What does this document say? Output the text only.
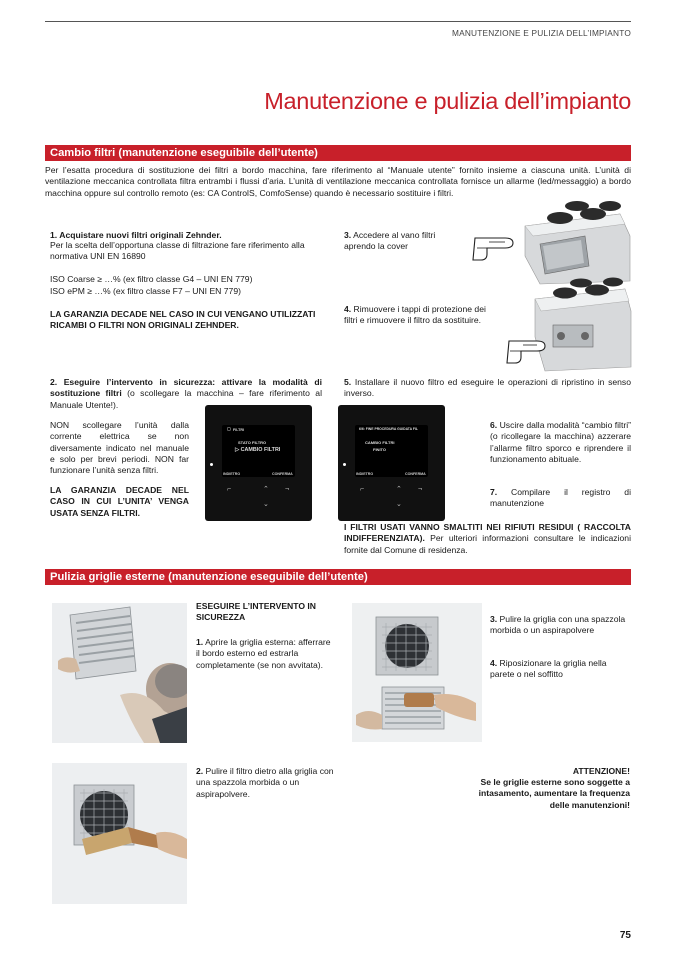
MANUTENZIONE E PULIZIA DELL’IMPIANTO
Manutenzione e pulizia dell’impianto
Cambio filtri (manutenzione eseguibile dell’utente)

Per l’esatta procedura di sostituzione dei filtri a bordo macchina, fare riferimento al “Manuale utente” fornito insieme a ciascuna unità. L’unità di ventilazione meccanica controllata filtra entrambi i flussi d’aria. L’unità di ventilazione meccanica controllata fornisce un allarme (led/messaggio) a bordo macchina oppure sul controllo remoto (es: CA ControlS, ComfoSense) quando è necessario sostituire i filtri.

1. Acquistare nuovi filtri originali Zehnder.

Per la scelta dell’opportuna classe di filtrazione fare riferimento alla normativa UNI EN 16890

ISO Coarse ≥ …% (ex filtro classe G4 – UNI EN 779)

ISO ePM ≥ …% (ex filtro classe F7 – UNI EN 779)

LA GARANZIA DECADE NEL CASO IN CUI VENGANO UTILIZZATI RICAMBI O FILTRI NON ORIGINALI ZEHNDER.

3. Accedere al vano filtri aprendo la cover

4. Rimuovere i tappi di protezione dei filtri e rimuovere il filtro da sostituire.

2. Eseguire l’intervento in sicurezza: attivare la modalità di sostituzione filtri (o scollegare la macchina – fare riferimento al Manuale Utente!).

NON scollegare l’unità dalla corrente elettrica se non diversamente indicato nel manuale e solo per brevi periodi. NON far funzionare l’unità senza filtri.

LA GARANZIA DECADE NEL CASO IN CUI L’UNITA’ VENGA USATA SENZA FILTRI.

▢ FILTRI
STATO FILTRO
▷ CAMBIO FILTRI
INDIETRO	CONFERMA
⌐	⌃ ¬
⌄

5. Installare il nuovo filtro ed eseguire le operazioni di ripristino in senso inverso.

6/6: FINE PROCEDURA GUIDATA FIL
CAMBIO FILTRI
FINITO
INDIETRO	CONFERMA
⌐	⌃ ¬
⌄

6. Uscire dalla modalità “cambio filtri” (o ricollegare la macchina) azzerare l’allarme filtro sporco e riprendere il funzionamento abituale.

7. Compilare il registro di manutenzione

I FILTRI USATI VANNO SMALTITI NEI RIFIUTI RESIDUI ( RACCOLTA INDIFFERENZIATA). Per ulteriori informazioni consultare le indicazioni fornite dal Comune di residenza.

Pulizia griglie esterne (manutenzione eseguibile dell’utente)

ESEGUIRE L’INTERVENTO IN SICUREZZA

1. Aprire la griglia esterna: afferrare il bordo esterno ed estrarla completamente (se non avvitata).

3. Pulire la griglia con una spazzola morbida o un aspirapolvere

4. Riposizionare la griglia nella parete o nel soffitto

2. Pulire il filtro dietro alla griglia con una spazzola morbida o un aspirapolvere.

ATTENZIONE!

Se le griglie esterne sono soggette a intasamento, aumentare la frequenza delle manutenzioni!

75
